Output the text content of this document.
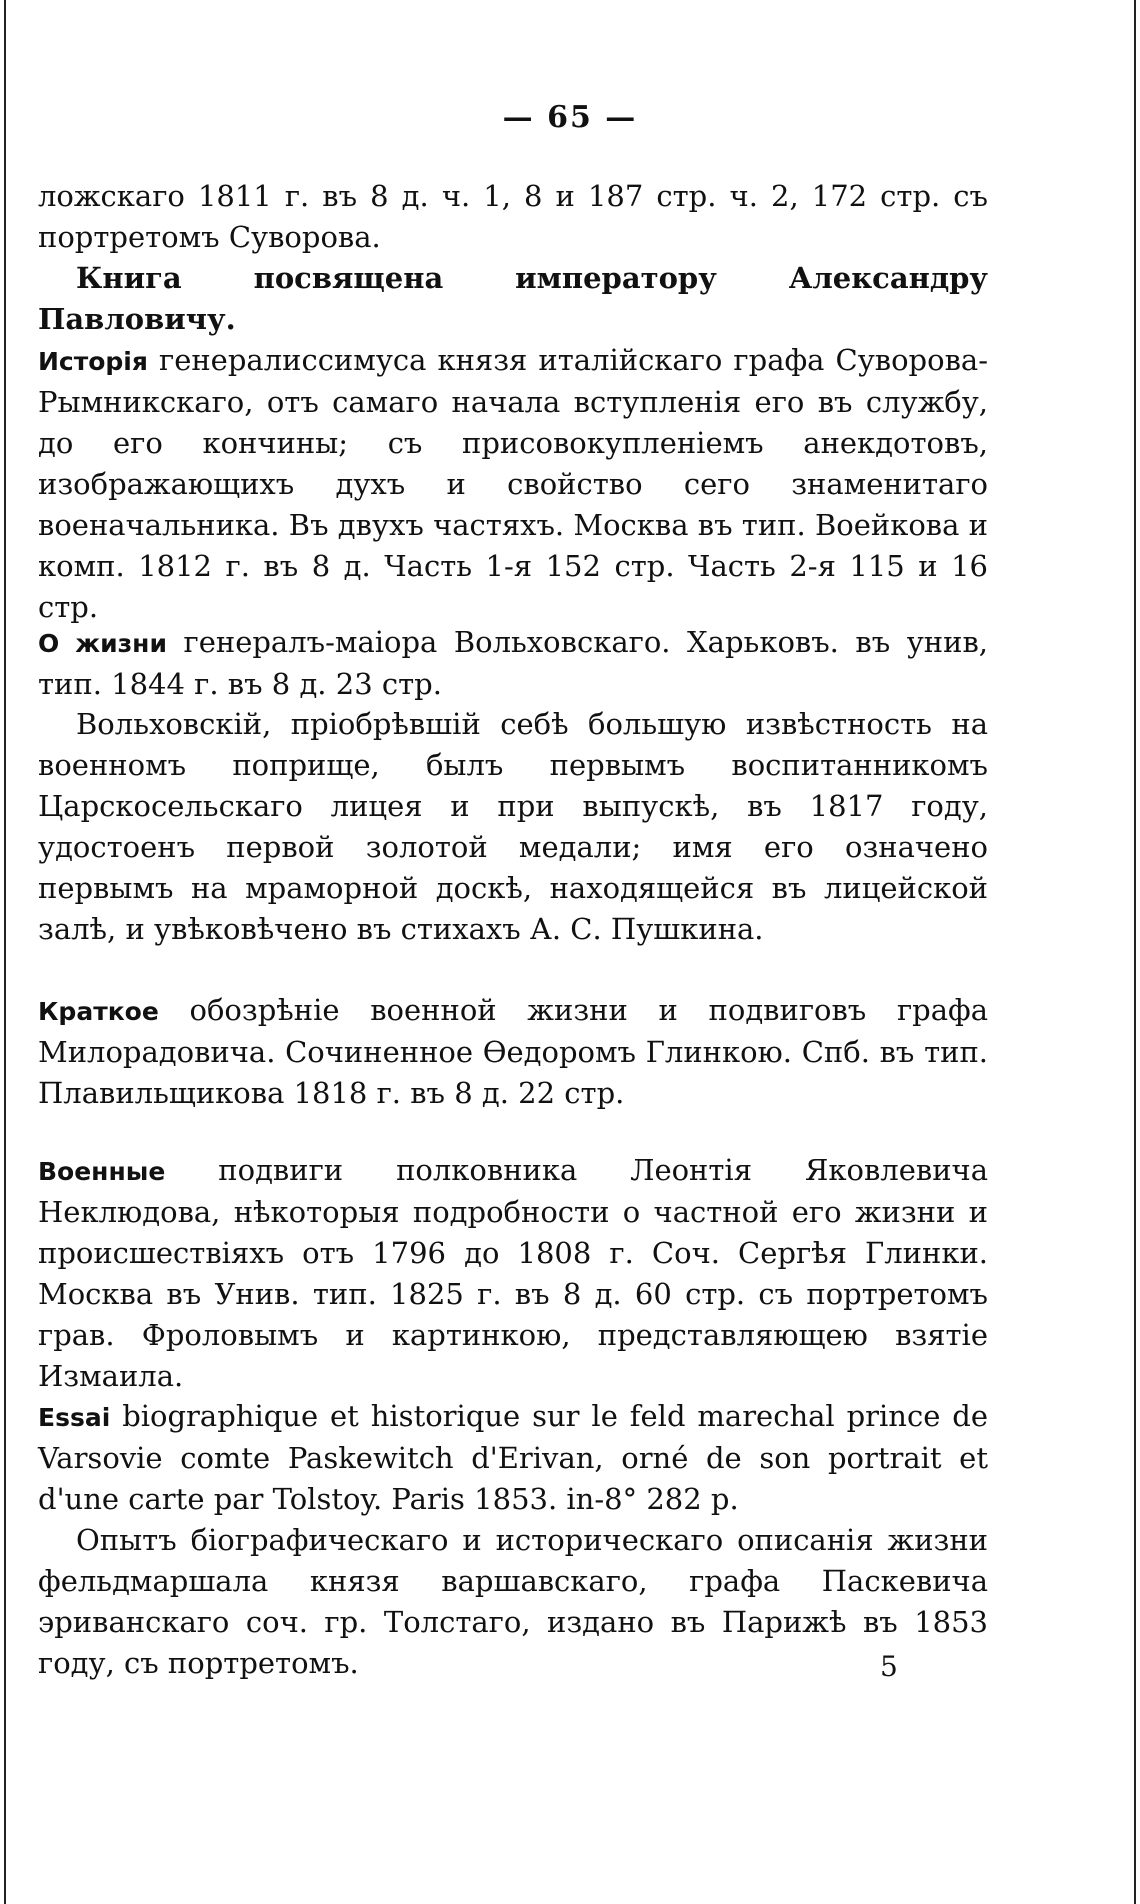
— 65 —

ложскаго 1811 г. въ 8 д. ч. 1, 8 и 187 стр. ч. 2, 172 стр. съ портретомъ Суворова.

Книга посвящена императору Александру Павловичу.

Исторія генералиссимуса князя италійскаго графа Суворова-Рымникскаго, отъ самаго начала вступленія его въ службу, до его кончины; съ присовокупленіемъ анекдотовъ, изображающихъ духъ и свойство сего знаменитаго военачальника. Въ двухъ частяхъ. Москва въ тип. Воейкова и комп. 1812 г. въ 8 д. Часть 1-я 152 стр. Часть 2-я 115 и 16 стр.

О жизни генералъ-маіора Вольховскаго. Харьковъ. въ унив, тип. 1844 г. въ 8 д. 23 стр.

Вольховскій, пріобрѣвшій себѣ большую извѣстность на военномъ поприще, былъ первымъ воспитанникомъ Царскосельскаго лицея и при выпускѣ, въ 1817 году, удостоенъ первой золотой медали; имя его означено первымъ на мраморной доскѣ, находящейся въ лицейской залѣ, и увѣковѣчено въ стихахъ А. С. Пушкина.

Краткое обозрѣніе военной жизни и подвиговъ графа Милорадовича. Сочиненное Ѳедоромъ Глинкою. Спб. въ тип. Плавильщикова 1818 г. въ 8 д. 22 стр.

Военные подвиги полковника Леонтія Яковлевича Неклюдова, нѣкоторыя подробности о частной его жизни и происшествіяхъ отъ 1796 до 1808 г. Соч. Сергѣя Глинки. Москва въ Унив. тип. 1825 г. въ 8 д. 60 стр. съ портретомъ грав. Фроловымъ и картинкою, представляющею взятіе Измаила.

Essai biographique et historique sur le feld marechal prince de Varsovie comte Paskewitch d'Erivan, orné de son portrait et d'une carte par Tolstoy. Paris 1853. in-8° 282 p.

Опытъ біографическаго и историческаго описанія жизни фельдмаршала князя варшавскаго, графа Паскевича эриванскаго соч. гр. Толстаго, издано въ Парижѣ въ 1853 году, съ портретомъ.	5
